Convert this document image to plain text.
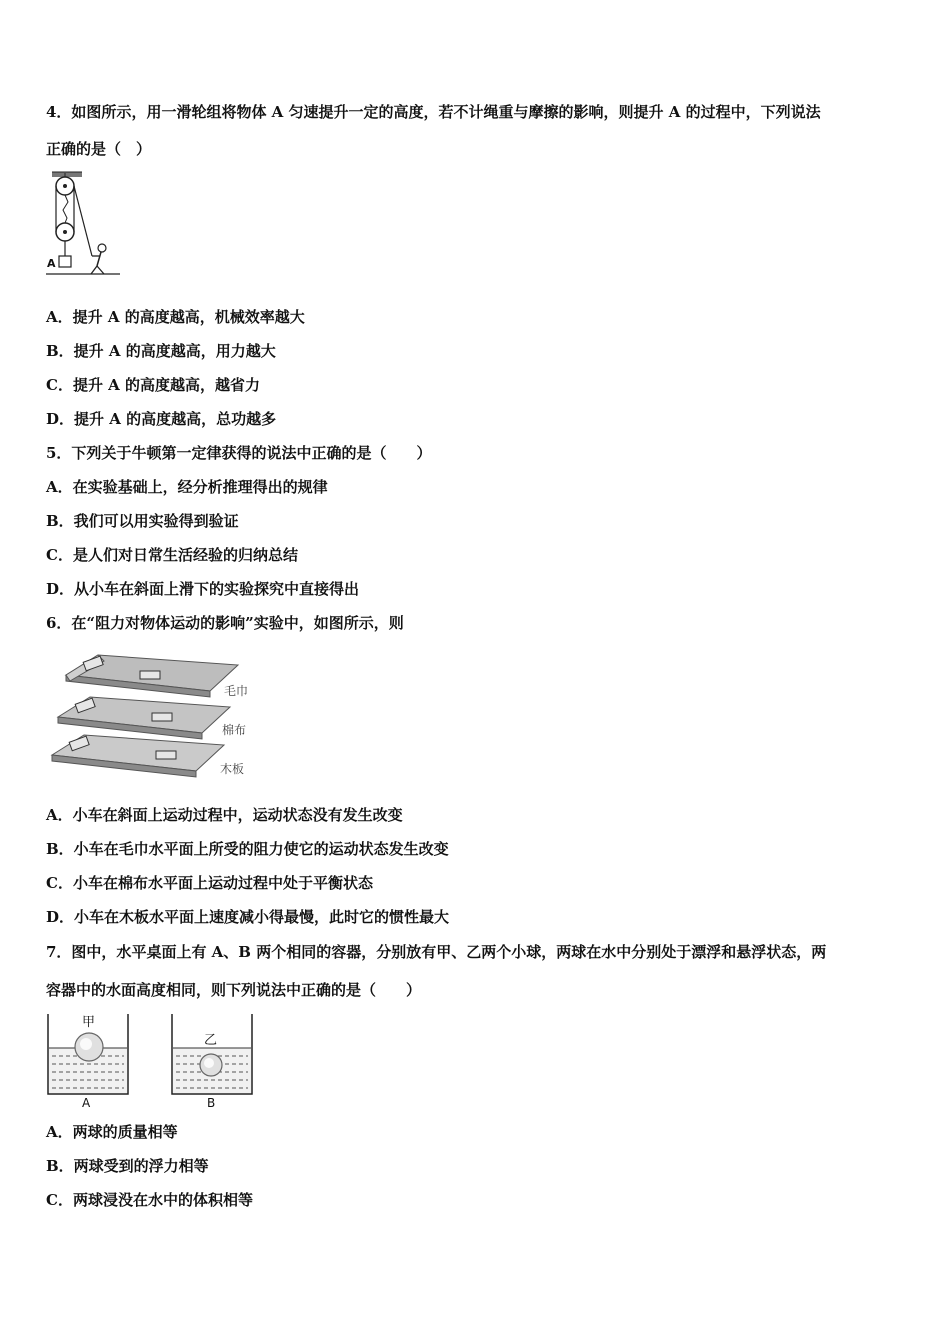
4．如图所示，用一滑轮组将物体 A 匀速提升一定的高度，若不计绳重与摩擦的影响，则提升 A 的过程中，下列说法
正确的是（　）
A
A．提升 A 的高度越高，机械效率越大
B．提升 A 的高度越高，用力越大
C．提升 A 的高度越高，越省力
D．提升 A 的高度越高，总功越多
5．下列关于牛顿第一定律获得的说法中正确的是（　　）
A．在实验基础上，经分析推理得出的规律
B．我们可以用实验得到验证
C．是人们对日常生活经验的归纳总结
D．从小车在斜面上滑下的实验探究中直接得出
6．在“阻力对物体运动的影响”实验中，如图所示，则
毛巾
棉布
木板
A．小车在斜面上运动过程中，运动状态没有发生改变
B．小车在毛巾水平面上所受的阻力使它的运动状态发生改变
C．小车在棉布水平面上运动过程中处于平衡状态
D．小车在木板水平面上速度减小得最慢，此时它的惯性最大
7．图中，水平桌面上有 A、B 两个相同的容器，分别放有甲、乙两个小球，两球在水中分别处于漂浮和悬浮状态，两
容器中的水面高度相同，则下列说法中正确的是（　　）
甲
A
乙
B
A．两球的质量相等
B．两球受到的浮力相等
C．两球浸没在水中的体积相等
